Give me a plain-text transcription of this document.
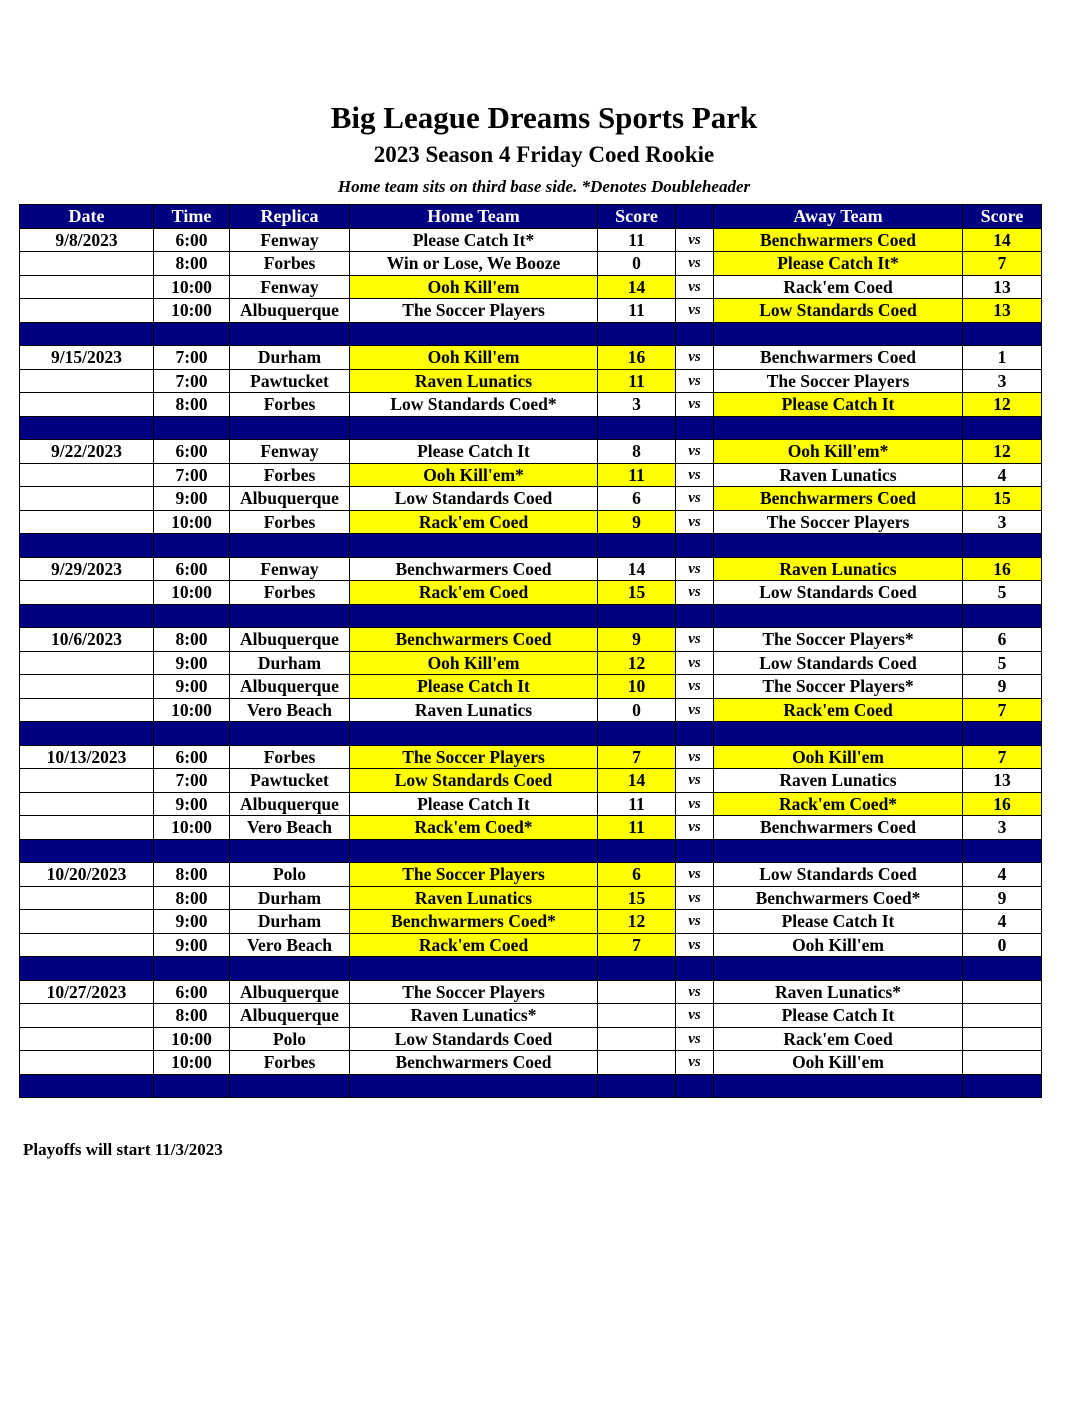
Big League Dreams Sports Park
2023 Season 4 Friday Coed Rookie
Home team sits on third base side. *Denotes Doubleheader
Date	Time	Replica	Home Team	Score		Away Team	Score
9/8/2023	6:00	Fenway	Please Catch It*	11	vs	Benchwarmers Coed	14
	8:00	Forbes	Win or Lose, We Booze	0	vs	Please Catch It*	7
	10:00	Fenway	Ooh Kill'em	14	vs	Rack'em Coed	13
	10:00	Albuquerque	The Soccer Players	11	vs	Low Standards Coed	13

9/15/2023	7:00	Durham	Ooh Kill'em	16	vs	Benchwarmers Coed	1
	7:00	Pawtucket	Raven Lunatics	11	vs	The Soccer Players	3
	8:00	Forbes	Low Standards Coed*	3	vs	Please Catch It	12

9/22/2023	6:00	Fenway	Please Catch It	8	vs	Ooh Kill'em*	12
	7:00	Forbes	Ooh Kill'em*	11	vs	Raven Lunatics	4
	9:00	Albuquerque	Low Standards Coed	6	vs	Benchwarmers Coed	15
	10:00	Forbes	Rack'em Coed	9	vs	The Soccer Players	3

9/29/2023	6:00	Fenway	Benchwarmers Coed	14	vs	Raven Lunatics	16
	10:00	Forbes	Rack'em Coed	15	vs	Low Standards Coed	5

10/6/2023	8:00	Albuquerque	Benchwarmers Coed	9	vs	The Soccer Players*	6
	9:00	Durham	Ooh Kill'em	12	vs	Low Standards Coed	5
	9:00	Albuquerque	Please Catch It	10	vs	The Soccer Players*	9
	10:00	Vero Beach	Raven Lunatics	0	vs	Rack'em Coed	7

10/13/2023	6:00	Forbes	The Soccer Players	7	vs	Ooh Kill'em	7
	7:00	Pawtucket	Low Standards Coed	14	vs	Raven Lunatics	13
	9:00	Albuquerque	Please Catch It	11	vs	Rack'em Coed*	16
	10:00	Vero Beach	Rack'em Coed*	11	vs	Benchwarmers Coed	3

10/20/2023	8:00	Polo	The Soccer Players	6	vs	Low Standards Coed	4
	8:00	Durham	Raven Lunatics	15	vs	Benchwarmers Coed*	9
	9:00	Durham	Benchwarmers Coed*	12	vs	Please Catch It	4
	9:00	Vero Beach	Rack'em Coed	7	vs	Ooh Kill'em	0

10/27/2023	6:00	Albuquerque	The Soccer Players		vs	Raven Lunatics*	
	8:00	Albuquerque	Raven Lunatics*		vs	Please Catch It	
	10:00	Polo	Low Standards Coed		vs	Rack'em Coed	
	10:00	Forbes	Benchwarmers Coed		vs	Ooh Kill'em	

Playoffs will start 11/3/2023
